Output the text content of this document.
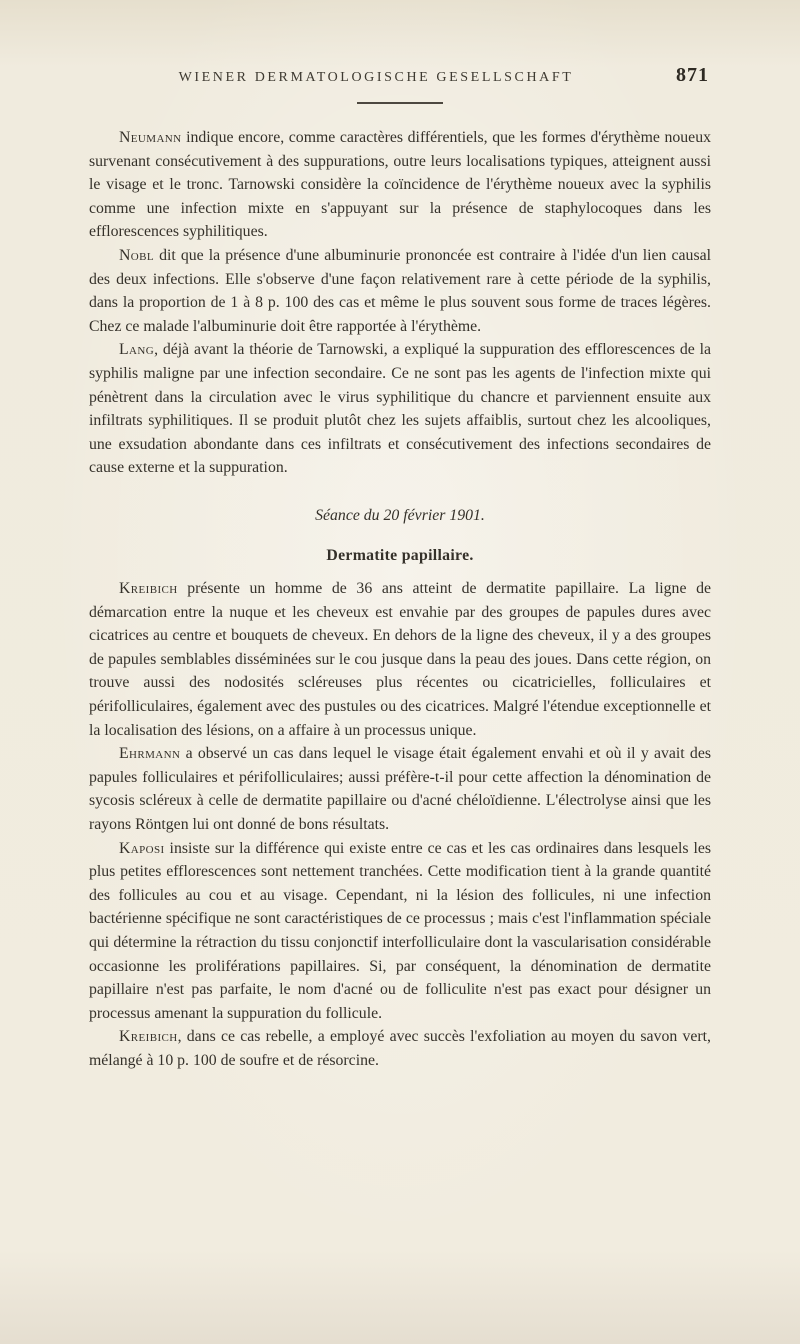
WIENER DERMATOLOGISCHE GESELLSCHAFT	871

Neumann indique encore, comme caractères différentiels, que les formes d'érythème noueux survenant consécutivement à des suppurations, outre leurs localisations typiques, atteignent aussi le visage et le tronc. Tarnowski considère la coïncidence de l'érythème noueux avec la syphilis comme une infection mixte en s'appuyant sur la présence de staphylocoques dans les efflorescences syphilitiques.

Nobl dit que la présence d'une albuminurie prononcée est contraire à l'idée d'un lien causal des deux infections. Elle s'observe d'une façon relativement rare à cette période de la syphilis, dans la proportion de 1 à 8 p. 100 des cas et même le plus souvent sous forme de traces légères. Chez ce malade l'albuminurie doit être rapportée à l'érythème.

Lang, déjà avant la théorie de Tarnowski, a expliqué la suppuration des efflorescences de la syphilis maligne par une infection secondaire. Ce ne sont pas les agents de l'infection mixte qui pénètrent dans la circulation avec le virus syphilitique du chancre et parviennent ensuite aux infiltrats syphilitiques. Il se produit plutôt chez les sujets affaiblis, surtout chez les alcooliques, une exsudation abondante dans ces infiltrats et consécutivement des infections secondaires de cause externe et la suppuration.

Séance du 20 février 1901.

Dermatite papillaire.

Kreibich présente un homme de 36 ans atteint de dermatite papillaire. La ligne de démarcation entre la nuque et les cheveux est envahie par des groupes de papules dures avec cicatrices au centre et bouquets de cheveux. En dehors de la ligne des cheveux, il y a des groupes de papules semblables disséminées sur le cou jusque dans la peau des joues. Dans cette région, on trouve aussi des nodosités scléreuses plus récentes ou cicatricielles, folliculaires et périfolliculaires, également avec des pustules ou des cicatrices. Malgré l'étendue exceptionnelle et la localisation des lésions, on a affaire à un processus unique.

Ehrmann a observé un cas dans lequel le visage était également envahi et où il y avait des papules folliculaires et périfolliculaires; aussi préfère-t-il pour cette affection la dénomination de sycosis scléreux à celle de dermatite papillaire ou d'acné chéloïdienne. L'électrolyse ainsi que les rayons Röntgen lui ont donné de bons résultats.

Kaposi insiste sur la différence qui existe entre ce cas et les cas ordinaires dans lesquels les plus petites efflorescences sont nettement tranchées. Cette modification tient à la grande quantité des follicules au cou et au visage. Cependant, ni la lésion des follicules, ni une infection bactérienne spécifique ne sont caractéristiques de ce processus ; mais c'est l'inflammation spéciale qui détermine la rétraction du tissu conjonctif interfolliculaire dont la vascularisation considérable occasionne les proliférations papillaires. Si, par conséquent, la dénomination de dermatite papillaire n'est pas parfaite, le nom d'acné ou de folliculite n'est pas exact pour désigner un processus amenant la suppuration du follicule.

Kreibich, dans ce cas rebelle, a employé avec succès l'exfoliation au moyen du savon vert, mélangé à 10 p. 100 de soufre et de résorcine.
